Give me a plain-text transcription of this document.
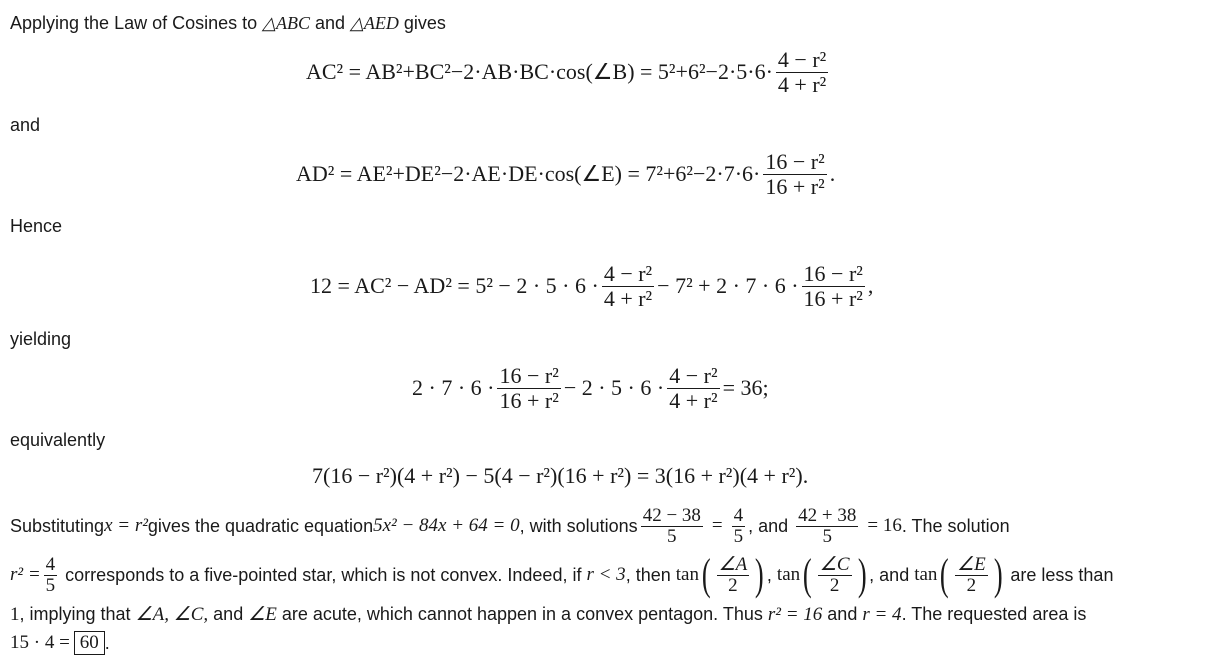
Applying the Law of Cosines to △ABC and △AED gives
AC² = AB²+BC²−2·AB·BC·cos(∠B) = $5^2+6^2-2\cdot 5\cdot 6\cdot \frac{\text{4 − r²}}{\text{4 + r²}}$
and
AD² = AE²+DE²−2·AE·DE·cos(∠E) = $7^2+6^2-2\cdot 7\cdot 6\cdot \frac{\text{16 − r²}}{\text{16 + r²}}$ .
Hence
$12 = AC^2 - AD^2 = 5^2 - 2 \cdot 5 \cdot 6 \cdot \frac{\text{4 − r²}}{\text{4 + r²}} - 7^2 + 2 \cdot 7 \cdot 6 \cdot \frac{\text{16 − r²}}{\text{16 + r²}}$ ,
yielding
$2 \cdot 7 \cdot 6 \cdot \frac{\text{16 − r²}}{\text{16 + r²}} - 2 \cdot 5 \cdot 6 \cdot \frac{\text{4 − r²}}{\text{4 + r²}} = 36$;
equivalently
7(16 − r²)(4 + r²) − 5(4 − r²)(16 + r²) = 3(16 + r²)(4 + r²).
Substituting x = r² gives the quadratic equation 5x² − 84x + 64 = 0 , with solutions $\frac{42 - 38}{5} = \frac{4}{5}$ , and $\frac{42 + 38}{5} = 16$ . The solution
$r^2 = \frac{4}{5}$ corresponds to a five-pointed star, which is not convex. Indeed, if r < 3 , then tan ( $\frac{\angle A}{2}$ ) , tan ( $\frac{\angle C}{2}$ ) , and tan ( $\frac{\angle E}{2}$ ) are less than
1, implying that ∠A, ∠C, and ∠E are acute, which cannot happen in a convex pentagon. Thus r² = 16 and r = 4. The requested area is
15 · 4 = 60 .
